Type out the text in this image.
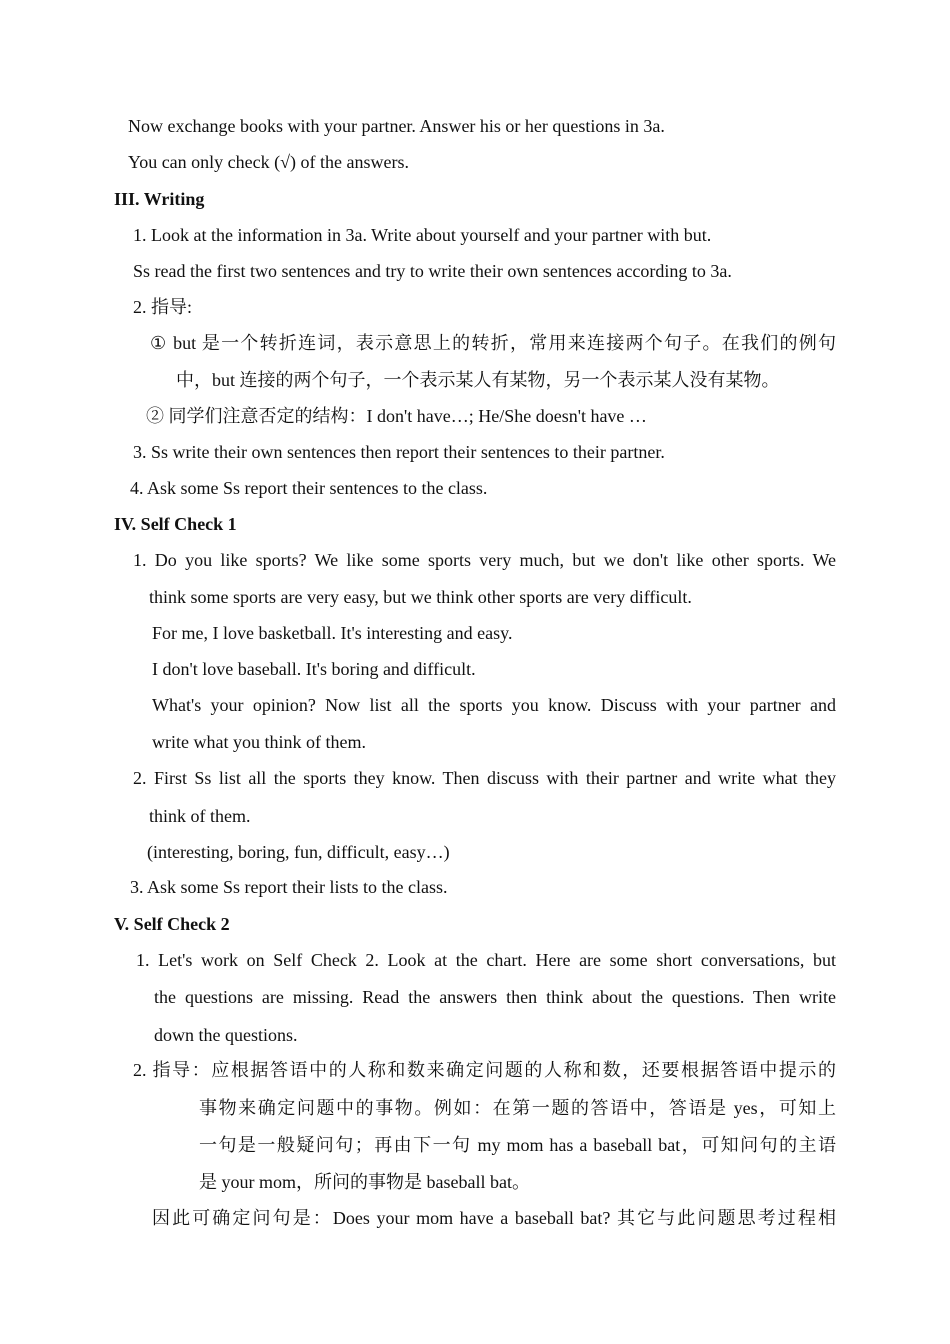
Now exchange books with your partner. Answer his or her questions in 3a.
You can only check (√) of the answers.
III. Writing
1. Look at the information in 3a. Write about yourself and your partner with but.
Ss read the first two sentences and try to write their own sentences according to 3a.
2. 指导:
① but 是一个转折连词，表示意思上的转折，常用来连接两个句子。在我们的例句
中，but 连接的两个句子，一个表示某人有某物，另一个表示某人没有某物。
② 同学们注意否定的结构：I don't have…; He/She doesn't have …
3. Ss write their own sentences then report their sentences to their partner.
4. Ask some Ss report their sentences to the class.
IV. Self Check 1
1. Do you like sports? We like some sports very much, but we don't like other sports. We
think some sports are very easy, but we think other sports are very difficult.
For me, I love basketball. It's interesting and easy.
I don't love baseball. It's boring and difficult.
What's your opinion? Now list all the sports you know. Discuss with your partner and
write what you think of them.
2. First Ss list all the sports they know. Then discuss with their partner and write what they
think of them.
(interesting, boring, fun, difficult, easy…)
3. Ask some Ss report their lists to the class.
V. Self Check 2
1. Let's work on Self Check 2. Look at the chart. Here are some short conversations, but
the questions are missing. Read the answers then think about the questions. Then write
down the questions.
2. 指导：应根据答语中的人称和数来确定问题的人称和数，还要根据答语中提示的
事物来确定问题中的事物。例如：在第一题的答语中，答语是 yes，可知上
一句是一般疑问句；再由下一句 my mom has a baseball bat，可知问句的主语
是 your mom，所问的事物是 baseball bat。
因此可确定问句是：Does your mom have a baseball bat? 其它与此问题思考过程相
